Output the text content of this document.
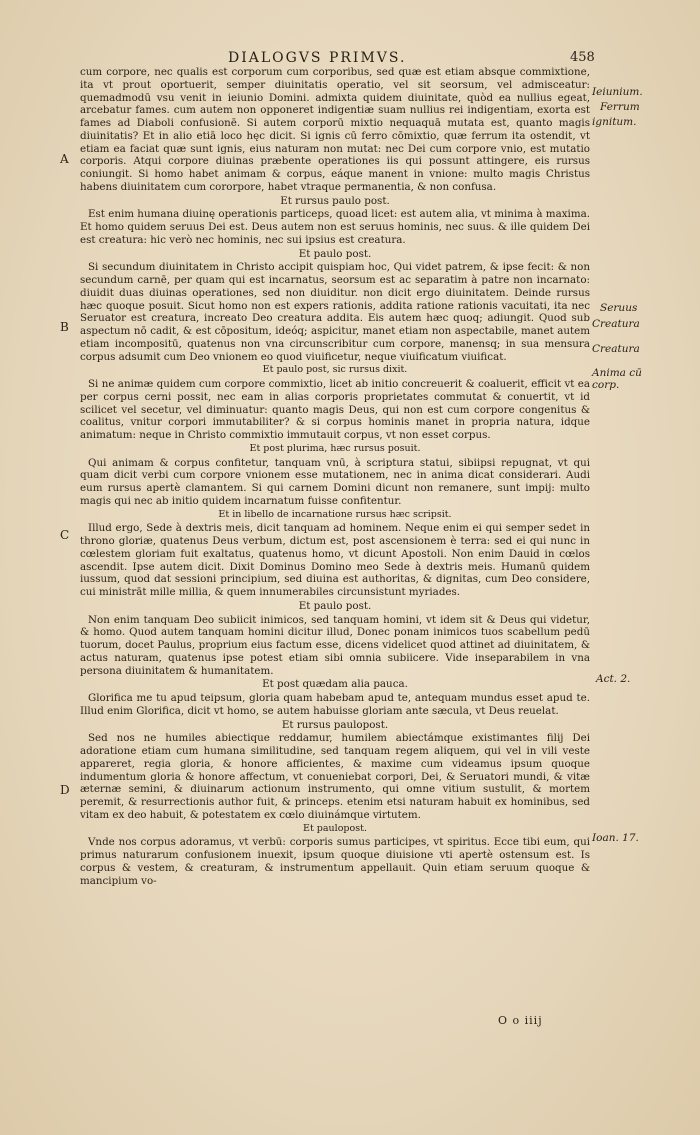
DIALOGVS PRIMVS.	458

cum corpore, nec qualis est corporum cum corporibus, sed quæ est etiam absque commixtione, ita vt prout oportuerit, semper diuinitatis operatio, vel sit seorsum, vel admisceatur: quemadmodū vsu venit in ieiunio Domini. admixta quidem diuinitate, quòd ea nullius egeat, arcebatur fames. cum autem non opponeret indigentiæ suam nullius rei indigentiam, exorta est fames ad Diaboli confusionē. Si autem corporū mixtio nequaquā mutata est, quanto magis diuinitatis? Et in alio etiā loco hęc dicit. Si ignis cū ferro cōmixtio, quæ ferrum ita ostendit, vt etiam ea faciat quæ sunt ignis, eius naturam non mutat: nec Dei cum corpore vnio, est mutatio corporis. Atqui corpore diuinas præbente operationes iis qui possunt attingere, eis rursus coniungit. Si homo habet animam & corpus, eáque manent in vnione: multo magis Christus habens diuinitatem cum cororpore, habet vtraque permanentia, & non confusa.

Et rursus paulo post.

Est enim humana diuinę operationis particeps, quoad licet: est autem alia, vt minima à maxima. Et homo quidem seruus Dei est. Deus autem non est seruus hominis, nec suus. & ille quidem Dei est creatura: hic verò nec hominis, nec sui ipsius est creatura.

Et paulo post.

Si secundum diuinitatem in Christo accipit quispiam hoc, Qui videt patrem, & ipse fecit: & non secundum carnē, per quam qui est incarnatus, seorsum est ac separatim à patre non incarnato: diuidit duas diuinas operationes, sed non diuiditur. non dicit ergo diuinitatem. Deinde rursus hæc quoque posuit. Sicut homo non est expers rationis, addita ratione rationis vacuitati, ita nec Seruator est creatura, increato Deo creatura addita. Eis autem hæc quoq; adiungit. Quod sub aspectum nō cadit, & est cōpositum, ideóq; aspicitur, manet etiam non aspectabile, manet autem etiam incompositū, quatenus non vna circunscribitur cum corpore, manensq; in sua mensura corpus adsumit cum Deo vnionem eo quod viuificetur, neque viuificatum viuificat.

Et paulo post, sic rursus dixit.

Si ne animæ quidem cum corpore commixtio, licet ab initio concreuerit & coaluerit, efficit vt ea per corpus cerni possit, nec eam in alias corporis proprietates commutat & conuertit, vt id scilicet vel secetur, vel diminuatur: quanto magis Deus, qui non est cum corpore congenitus & coalitus, vnitur corpori immutabiliter? & si corpus hominis manet in propria natura, idque animatum: neque in Christo commixtio immutauit corpus, vt non esset corpus.

Et post plurima, hæc rursus posuit.

Qui animam & corpus confitetur, tanquam vnū, à scriptura statui, sibiipsi repugnat, vt qui quam dicit verbi cum corpore vnionem esse mutationem, nec in anima dicat considerari. Audi eum rursus apertè clamantem. Si qui carnem Domini dicunt non remanere, sunt impij: multo magis qui nec ab initio quidem incarnatum fuisse confitentur.

Et in libello de incarnatione rursus hæc scripsit.

Illud ergo, Sede à dextris meis, dicit tanquam ad hominem. Neque enim ei qui semper sedet in throno gloriæ, quatenus Deus verbum, dictum est, post ascensionem è terra: sed ei qui nunc in cœlestem gloriam fuit exaltatus, quatenus homo, vt dicunt Apostoli. Non enim Dauid in cœlos ascendit. Ipse autem dicit. Dixit Dominus Domino meo Sede à dextris meis. Humanū quidem iussum, quod dat sessioni principium, sed diuina est authoritas, & dignitas, cum Deo considere, cui ministrāt mille millia, & quem innumerabiles circunsistunt myriades.

Et paulo post.

Non enim tanquam Deo subiicit inimicos, sed tanquam homini, vt idem sit & Deus qui videtur, & homo. Quod autem tanquam homini dicitur illud, Donec ponam inimicos tuos scabellum pedū tuorum, docet Paulus, proprium eius factum esse, dicens videlicet quod attinet ad diuinitatem, & actus naturam, quatenus ipse potest etiam sibi omnia subiicere. Vide inseparabilem in vna persona diuinitatem & humanitatem.

Et post quædam alia pauca.

Glorifica me tu apud teipsum, gloria quam habebam apud te, antequam mundus esset apud te. Illud enim Glorifica, dicit vt homo, se autem habuisse gloriam ante sæcula, vt Deus reuelat.

Et rursus paulopost.

Sed nos ne humiles abiectique reddamur, humilem abiectámque existimantes filij Dei adoratione etiam cum humana similitudine, sed tanquam regem aliquem, qui vel in vili veste appareret, regia gloria, & honore afficientes, & maxime cum videamus ipsum quoque indumentum gloria & honore affectum, vt conueniebat corpori, Dei, & Seruatori mundi, & vitæ æternæ semini, & diuinarum actionum instrumento, qui omne vitium sustulit, & mortem peremit, & resurrectionis author fuit, & princeps. etenim etsi naturam habuit ex hominibus, sed vitam ex deo habuit, & potestatem ex cœlo diuinámque virtutem.

Et paulopost.

Vnde nos corpus adoramus, vt verbū: corporis sumus participes, vt spiritus. Ecce tibi eum, qui primus naturarum confusionem inuexit, ipsum quoque diuisione vti apertè ostensum est. Is corpus & vestem, & creaturam, & instrumentum appellauit. Quin etiam seruum quoque & mancipium vo-

Ieiunium.
Ferrum
ignitum.
Seruus
Creatura
Creatura
Anima cū corp.
Act. 2.
Ioan. 17.
A
B
C
D
O o iiij
